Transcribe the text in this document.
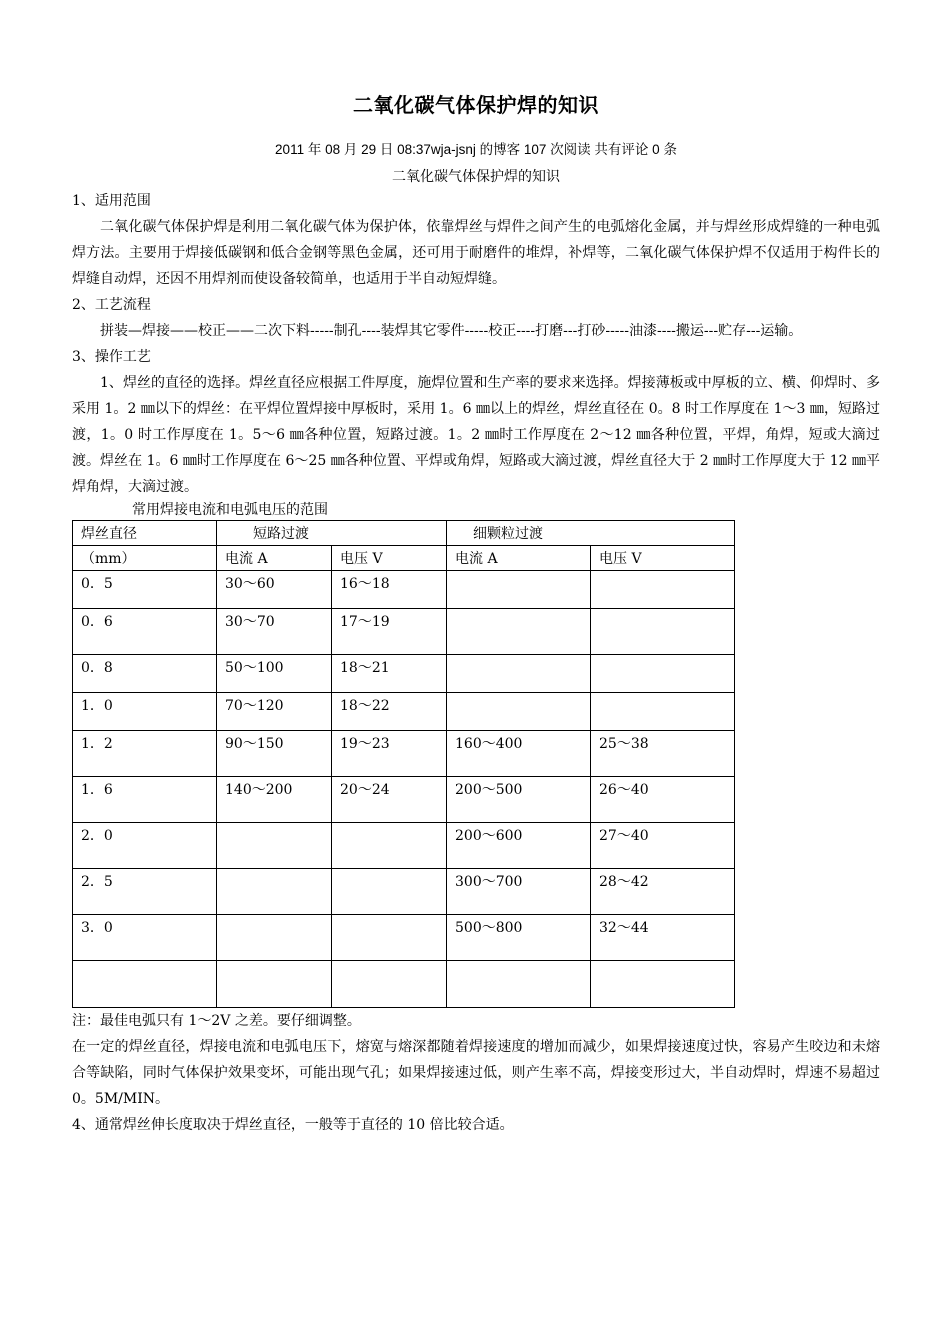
二氧化碳气体保护焊的知识
2011 年 08 月 29 日 08:37wja-jsnj 的博客 107 次阅读 共有评论 0 条
二氧化碳气体保护焊的知识

1、适用范围

二氧化碳气体保护焊是利用二氧化碳气体为保护体，依靠焊丝与焊件之间产生的电弧熔化金属，并与焊丝形成焊缝的一种电弧焊方法。主要用于焊接低碳钢和低合金钢等黑色金属，还可用于耐磨件的堆焊，补焊等，二氧化碳气体保护焊不仅适用于构件长的焊缝自动焊，还因不用焊剂而使设备较简单，也适用于半自动短焊缝。

2、工艺流程

拼装—焊接——校正——二次下料-----制孔----装焊其它零件-----校正----打磨---打砂-----油漆----搬运---贮存---运输。

3、操作工艺

1、焊丝的直径的选择。焊丝直径应根据工件厚度，施焊位置和生产率的要求来选择。焊接薄板或中厚板的立、横、仰焊时、多采用 1。2 ㎜以下的焊丝：在平焊位置焊接中厚板时，采用 1。6 ㎜以上的焊丝，焊丝直径在 0。8 时工作厚度在 1～3 ㎜，短路过渡，1。0 时工作厚度在 1。5～6 ㎜各种位置，短路过渡。1。2 ㎜时工作厚度在 2～12 ㎜各种位置，平焊，角焊，短或大滴过渡。焊丝在 1。6 ㎜时工作厚度在 6～25 ㎜各种位置、平焊或角焊，短路或大滴过渡，焊丝直径大于 2 ㎜时工作厚度大于 12 ㎜平焊角焊，大滴过渡。

常用焊接电流和电弧电压的范围
焊丝直径	短路过渡		细颗粒过渡	
（mm）	电流 A	电压 V	电流 A	电压 V
0．5	30～60	16～18		
0．6	30～70	17～19		
0．8	50～100	18～21		
1．0	70～120	18～22		
1．2	90～150	19～23	160～400	25～38
1．6	140～200	20～24	200～500	26～40
2．0			200～600	27～40
2．5			300～700	28～42
3．0			500～800	32～44

注：最佳电弧只有 1～2V 之差。要仔细调整。

在一定的焊丝直径，焊接电流和电弧电压下，熔宽与熔深都随着焊接速度的增加而减少，如果焊接速度过快，容易产生咬边和未熔合等缺陷，同时气体保护效果变坏，可能出现气孔；如果焊接速过低，则产生率不高，焊接变形过大，半自动焊时，焊速不易超过 0。5M/MIN。

4、通常焊丝伸长度取决于焊丝直径，一般等于直径的 10 倍比较合适。
